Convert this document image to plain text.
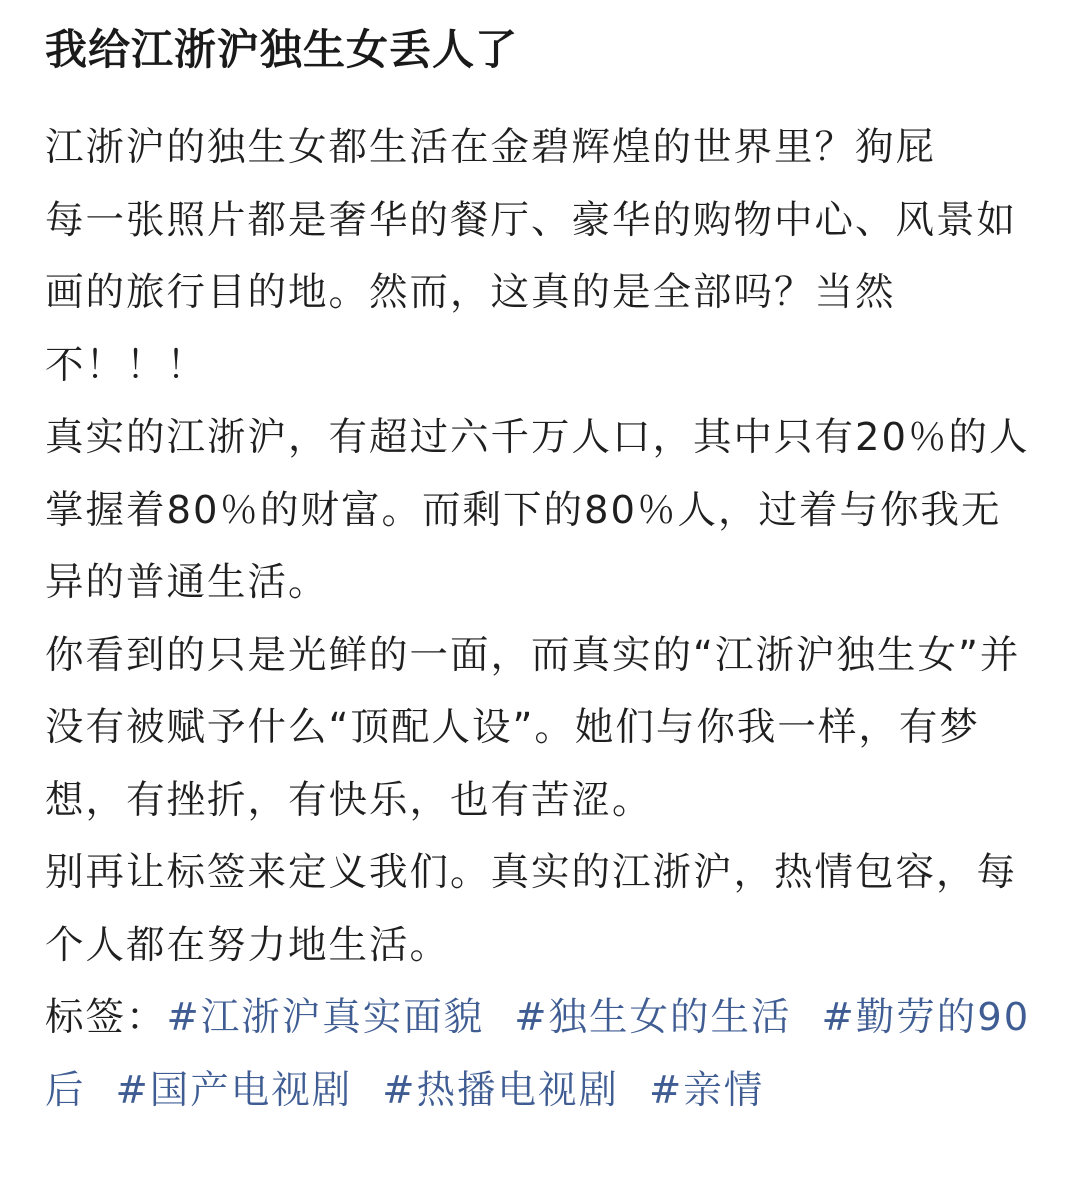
我给江浙沪独生女丢人了

江浙沪的独生女都生活在金碧辉煌的世界里？狗屁

每一张照片都是奢华的餐厅、豪华的购物中心、风景如画的旅行目的地。然而，这真的是全部吗？当然不！！！

真实的江浙沪，有超过六千万人口，其中只有20％的人掌握着80％的财富。而剩下的80％人，过着与你我无异的普通生活。

你看到的只是光鲜的一面，而真实的“江浙沪独生女”并没有被赋予什么“顶配人设”。她们与你我一样，有梦想，有挫折，有快乐，也有苦涩。

别再让标签来定义我们。真实的江浙沪，热情包容，每个人都在努力地生活。

标签：#江浙沪真实面貌 #独生女的生活 #勤劳的90后 #国产电视剧 #热播电视剧 #亲情
